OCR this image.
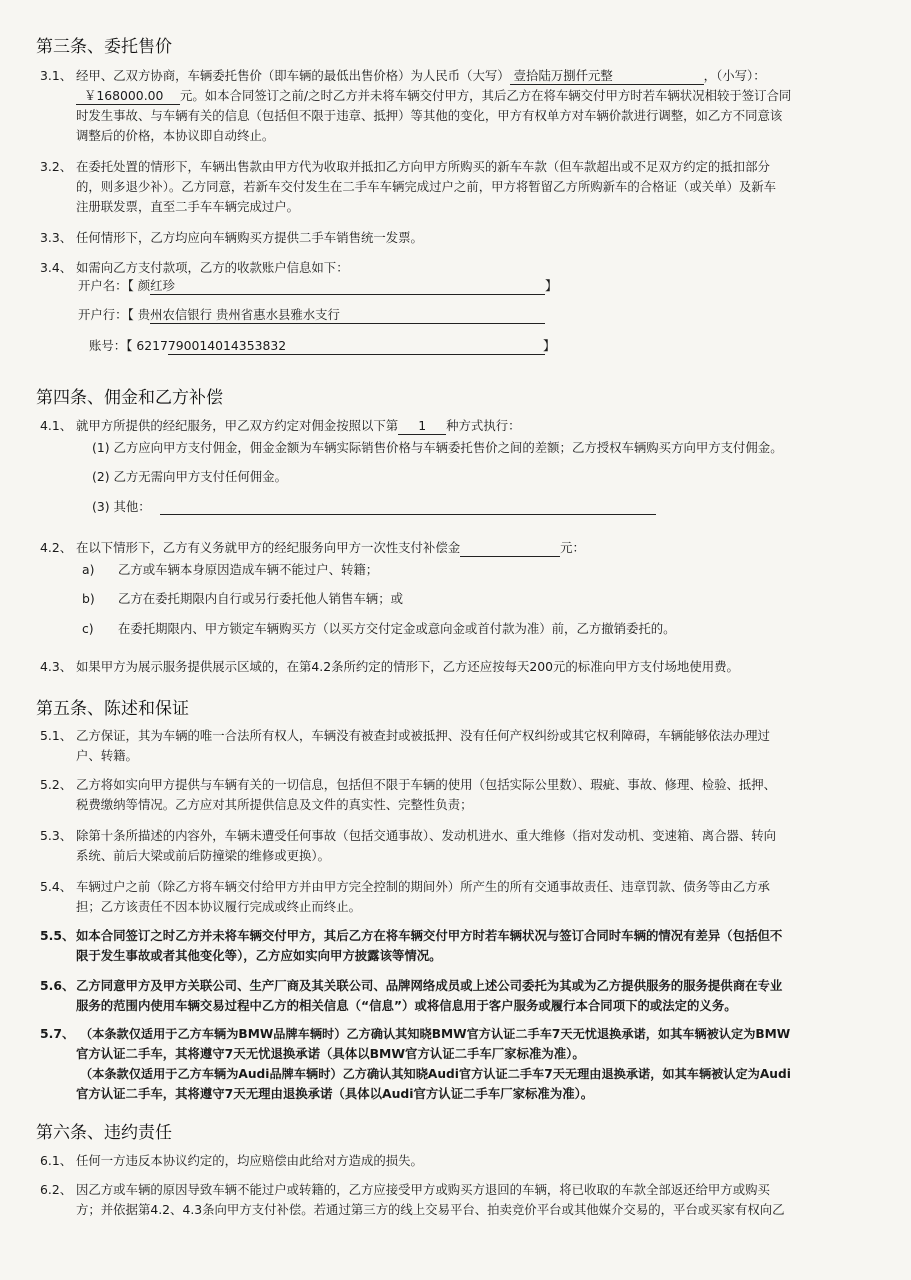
第三条、委托售价
3.1、 经甲、乙双方协商，车辆委托售价（即车辆的最低出售价格）为人民币（大写） 壹拾陆万捌仟元整	，（小写）：
￥168000.00 元。如本合同签订之前/之时乙方并未将车辆交付甲方，其后乙方在将车辆交付甲方时若车辆状况相较于签订合同
时发生事故、与车辆有关的信息（包括但不限于违章、抵押）等其他的变化，甲方有权单方对车辆价款进行调整，如乙方不同意该
调整后的价格，本协议即自动终止。
3.2、 在委托处置的情形下，车辆出售款由甲方代为收取并抵扣乙方向甲方所购买的新车车款（但车款超出或不足双方约定的抵扣部分
的，则多退少补）。乙方同意，若新车交付发生在二手车车辆完成过户之前，甲方将暂留乙方所购新车的合格证（或关单）及新车
注册联发票，直至二手车车辆完成过户。
3.3、 任何情形下，乙方均应向车辆购买方提供二手车销售统一发票。
3.4、 如需向乙方支付款项，乙方的收款账户信息如下：
开户名：【 颜红珍	】
开户行：【 贵州农信银行 贵州省惠水县雅水支行
账号：【 6217790014014353832	】
第四条、佣金和乙方补偿
4.1、 就甲方所提供的经纪服务，甲乙双方约定对佣金按照以下第 1 种方式执行：
(1) 乙方应向甲方支付佣金，佣金金额为车辆实际销售价格与车辆委托售价之间的差额；乙方授权车辆购买方向甲方支付佣金。
(2) 乙方无需向甲方支付任何佣金。
(3) 其他：
4.2、 在以下情形下，乙方有义务就甲方的经纪服务向甲方一次性支付补偿金	元：
a) 乙方或车辆本身原因造成车辆不能过户、转籍；
b) 乙方在委托期限内自行或另行委托他人销售车辆；或
c) 在委托期限内、甲方锁定车辆购买方（以买方交付定金或意向金或首付款为准）前，乙方撤销委托的。
4.3、 如果甲方为展示服务提供展示区域的，在第4.2条所约定的情形下，乙方还应按每天200元的标准向甲方支付场地使用费。
第五条、陈述和保证
5.1、 乙方保证，其为车辆的唯一合法所有权人，车辆没有被查封或被抵押、没有任何产权纠纷或其它权利障碍，车辆能够依法办理过
户、转籍。
5.2、 乙方将如实向甲方提供与车辆有关的一切信息，包括但不限于车辆的使用（包括实际公里数）、瑕疵、事故、修理、检验、抵押、
税费缴纳等情况。乙方应对其所提供信息及文件的真实性、完整性负责；
5.3、 除第十条所描述的内容外，车辆未遭受任何事故（包括交通事故）、发动机进水、重大维修（指对发动机、变速箱、离合器、转向
系统、前后大梁或前后防撞梁的维修或更换）。
5.4、 车辆过户之前（除乙方将车辆交付给甲方并由甲方完全控制的期间外）所产生的所有交通事故责任、违章罚款、债务等由乙方承
担；乙方该责任不因本协议履行完成或终止而终止。
5.5、 如本合同签订之时乙方并未将车辆交付甲方，其后乙方在将车辆交付甲方时若车辆状况与签订合同时车辆的情况有差异（包括但不
限于发生事故或者其他变化等），乙方应如实向甲方披露该等情况。
5.6、 乙方同意甲方及甲方关联公司、生产厂商及其关联公司、品牌网络成员或上述公司委托为其或为乙方提供服务的服务提供商在专业
服务的范围内使用车辆交易过程中乙方的相关信息（“信息”）或将信息用于客户服务或履行本合同项下的或法定的义务。
5.7、 （本条款仅适用于乙方车辆为BMW品牌车辆时）乙方确认其知晓BMW官方认证二手车7天无忧退换承诺，如其车辆被认定为BMW
官方认证二手车，其将遵守7天无忧退换承诺（具体以BMW官方认证二手车厂家标准为准）。
（本条款仅适用于乙方车辆为Audi品牌车辆时）乙方确认其知晓Audi官方认证二手车7天无理由退换承诺，如其车辆被认定为Audi
官方认证二手车，其将遵守7天无理由退换承诺（具体以Audi官方认证二手车厂家标准为准）。
第六条、违约责任
6.1、 任何一方违反本协议约定的，均应赔偿由此给对方造成的损失。
6.2、 因乙方或车辆的原因导致车辆不能过户或转籍的，乙方应接受甲方或购买方退回的车辆，将已收取的车款全部返还给甲方或购买
方；并依据第4.2、4.3条向甲方支付补偿。若通过第三方的线上交易平台、拍卖竞价平台或其他媒介交易的，平台或买家有权向乙
